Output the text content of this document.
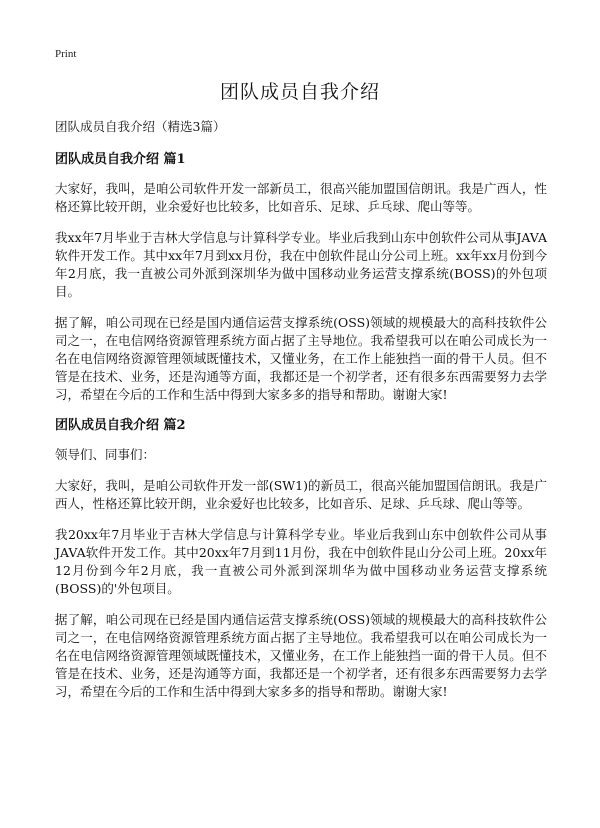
Print
团队成员自我介绍

团队成员自我介绍（精选3篇）

团队成员自我介绍 篇1

大家好，我叫，是咱公司软件开发一部新员工，很高兴能加盟国信朗讯。我是广西人，性格还算比较开朗，业余爱好也比较多，比如音乐、足球、乒乓球、爬山等等。

我xx年7月毕业于吉林大学信息与计算科学专业。毕业后我到山东中创软件公司从事JAVA软件开发工作。其中xx年7月到xx月份，我在中创软件昆山分公司上班。xx年xx月份到今年2月底，我一直被公司外派到深圳华为做中国移动业务运营支撑系统(BOSS)的外包项目。

据了解，咱公司现在已经是国内通信运营支撑系统(OSS)领域的规模最大的高科技软件公司之一，在电信网络资源管理系统方面占据了主导地位。我希望我可以在咱公司成长为一名在电信网络资源管理领域既懂技术，又懂业务，在工作上能独挡一面的骨干人员。但不管是在技术、业务，还是沟通等方面，我都还是一个初学者，还有很多东西需要努力去学习，希望在今后的工作和生活中得到大家多多的指导和帮助。谢谢大家!

团队成员自我介绍 篇2

领导们、同事们：

大家好，我叫，是咱公司软件开发一部(SW1)的新员工，很高兴能加盟国信朗讯。我是广西人，性格还算比较开朗，业余爱好也比较多，比如音乐、足球、乒乓球、爬山等等。

我20xx年7月毕业于吉林大学信息与计算科学专业。毕业后我到山东中创软件公司从事JAVA软件开发工作。其中20xx年7月到11月份，我在中创软件昆山分公司上班。20xx年12月份到今年2月底，我一直被公司外派到深圳华为做中国移动业务运营支撑系统(BOSS)的'外包项目。

据了解，咱公司现在已经是国内通信运营支撑系统(OSS)领域的规模最大的高科技软件公司之一，在电信网络资源管理系统方面占据了主导地位。我希望我可以在咱公司成长为一名在电信网络资源管理领域既懂技术，又懂业务，在工作上能独挡一面的骨干人员。但不管是在技术、业务，还是沟通等方面，我都还是一个初学者，还有很多东西需要努力去学习，希望在今后的工作和生活中得到大家多多的指导和帮助。谢谢大家!
